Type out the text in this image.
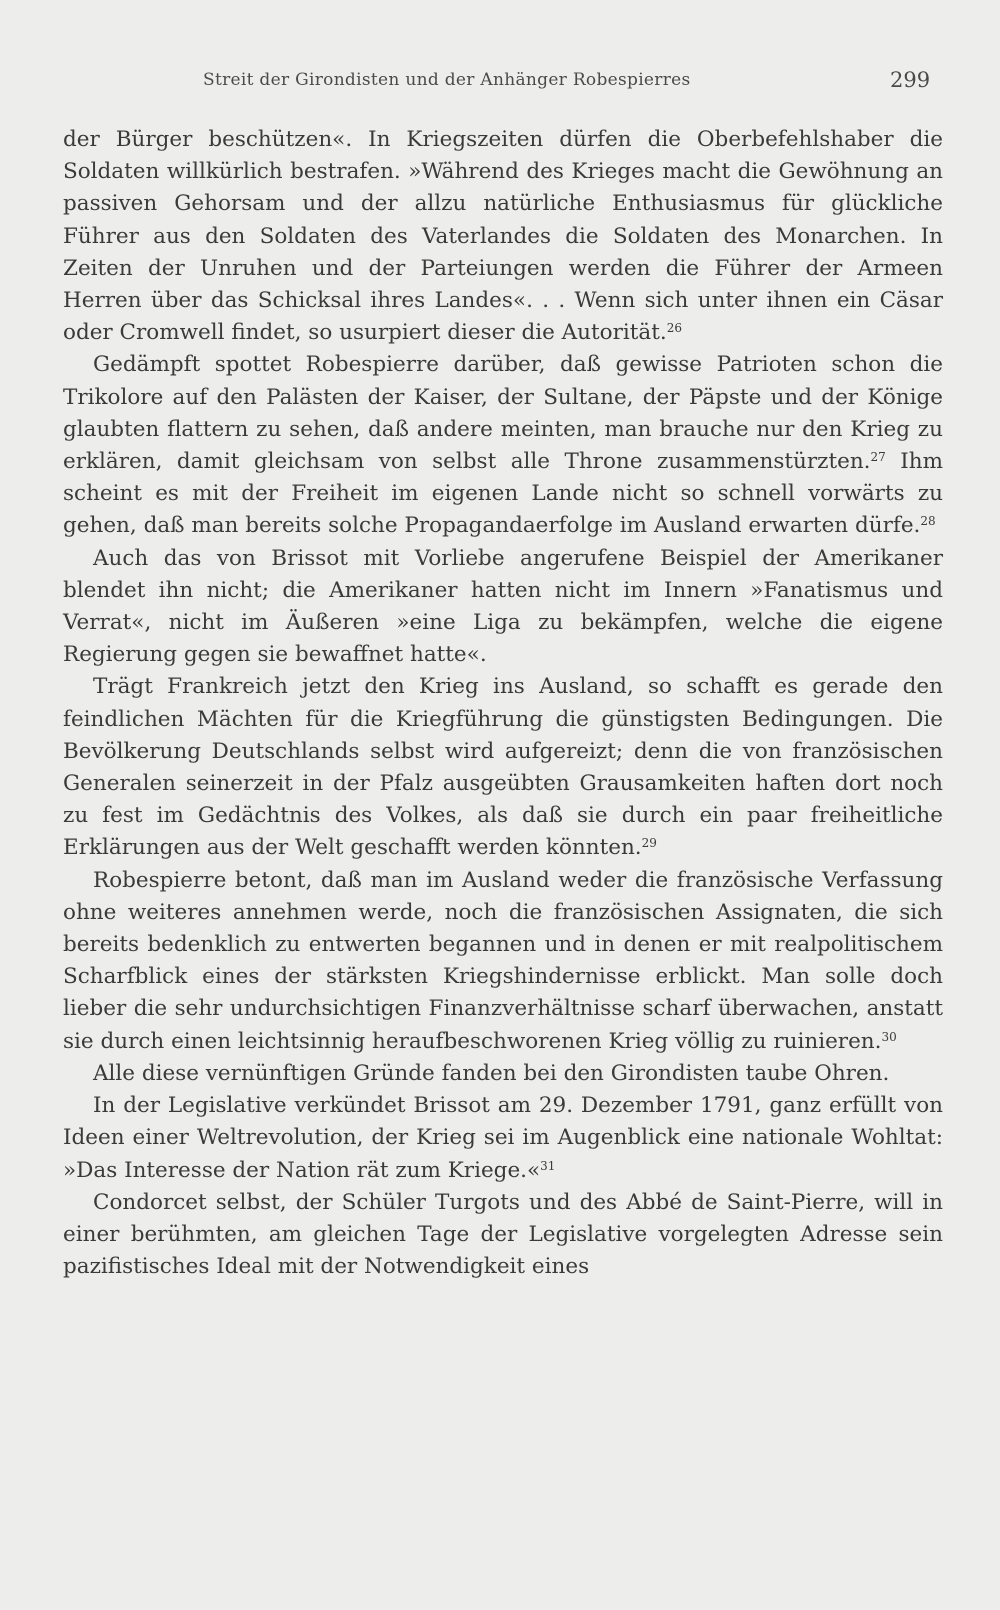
Streit der Girondisten und der Anhänger Robespierres	299

der Bürger beschützen«. In Kriegszeiten dürfen die Oberbefehlshaber die Soldaten willkürlich bestrafen. »Während des Krieges macht die Gewöhnung an passiven Gehorsam und der allzu natürliche Enthusiasmus für glückliche Führer aus den Soldaten des Vaterlandes die Soldaten des Monarchen. In Zeiten der Unruhen und der Parteiungen werden die Führer der Armeen Herren über das Schicksal ihres Landes«. . . Wenn sich unter ihnen ein Cäsar oder Cromwell findet, so usurpiert dieser die Autorität.$^{26}$

Gedämpft spottet Robespierre darüber, daß gewisse Patrioten schon die Trikolore auf den Palästen der Kaiser, der Sultane, der Päpste und der Könige glaubten flattern zu sehen, daß andere meinten, man brauche nur den Krieg zu erklären, damit gleichsam von selbst alle Throne zusammenstürzten.$^{27}$ Ihm scheint es mit der Freiheit im eigenen Lande nicht so schnell vorwärts zu gehen, daß man bereits solche Propagandaerfolge im Ausland erwarten dürfe.$^{28}$

Auch das von Brissot mit Vorliebe angerufene Beispiel der Amerikaner blendet ihn nicht; die Amerikaner hatten nicht im Innern »Fanatismus und Verrat«, nicht im Äußeren »eine Liga zu bekämpfen, welche die eigene Regierung gegen sie bewaffnet hatte«.

Trägt Frankreich jetzt den Krieg ins Ausland, so schafft es gerade den feindlichen Mächten für die Kriegführung die günstigsten Bedingungen. Die Bevölkerung Deutschlands selbst wird aufgereizt; denn die von französischen Generalen seinerzeit in der Pfalz ausgeübten Grausamkeiten haften dort noch zu fest im Gedächtnis des Volkes, als daß sie durch ein paar freiheitliche Erklärungen aus der Welt geschafft werden könnten.$^{29}$

Robespierre betont, daß man im Ausland weder die französische Verfassung ohne weiteres annehmen werde, noch die französischen Assignaten, die sich bereits bedenklich zu entwerten begannen und in denen er mit realpolitischem Scharfblick eines der stärksten Kriegshindernisse erblickt. Man solle doch lieber die sehr undurchsichtigen Finanzverhältnisse scharf überwachen, anstatt sie durch einen leichtsinnig heraufbeschworenen Krieg völlig zu ruinieren.$^{30}$

Alle diese vernünftigen Gründe fanden bei den Girondisten taube Ohren.

In der Legislative verkündet Brissot am 29. Dezember 1791, ganz erfüllt von Ideen einer Weltrevolution, der Krieg sei im Augenblick eine nationale Wohltat: »Das Interesse der Nation rät zum Kriege.«$^{31}$

Condorcet selbst, der Schüler Turgots und des Abbé de Saint-Pierre, will in einer berühmten, am gleichen Tage der Legislative vorgelegten Adresse sein pazifistisches Ideal mit der Notwendigkeit eines
